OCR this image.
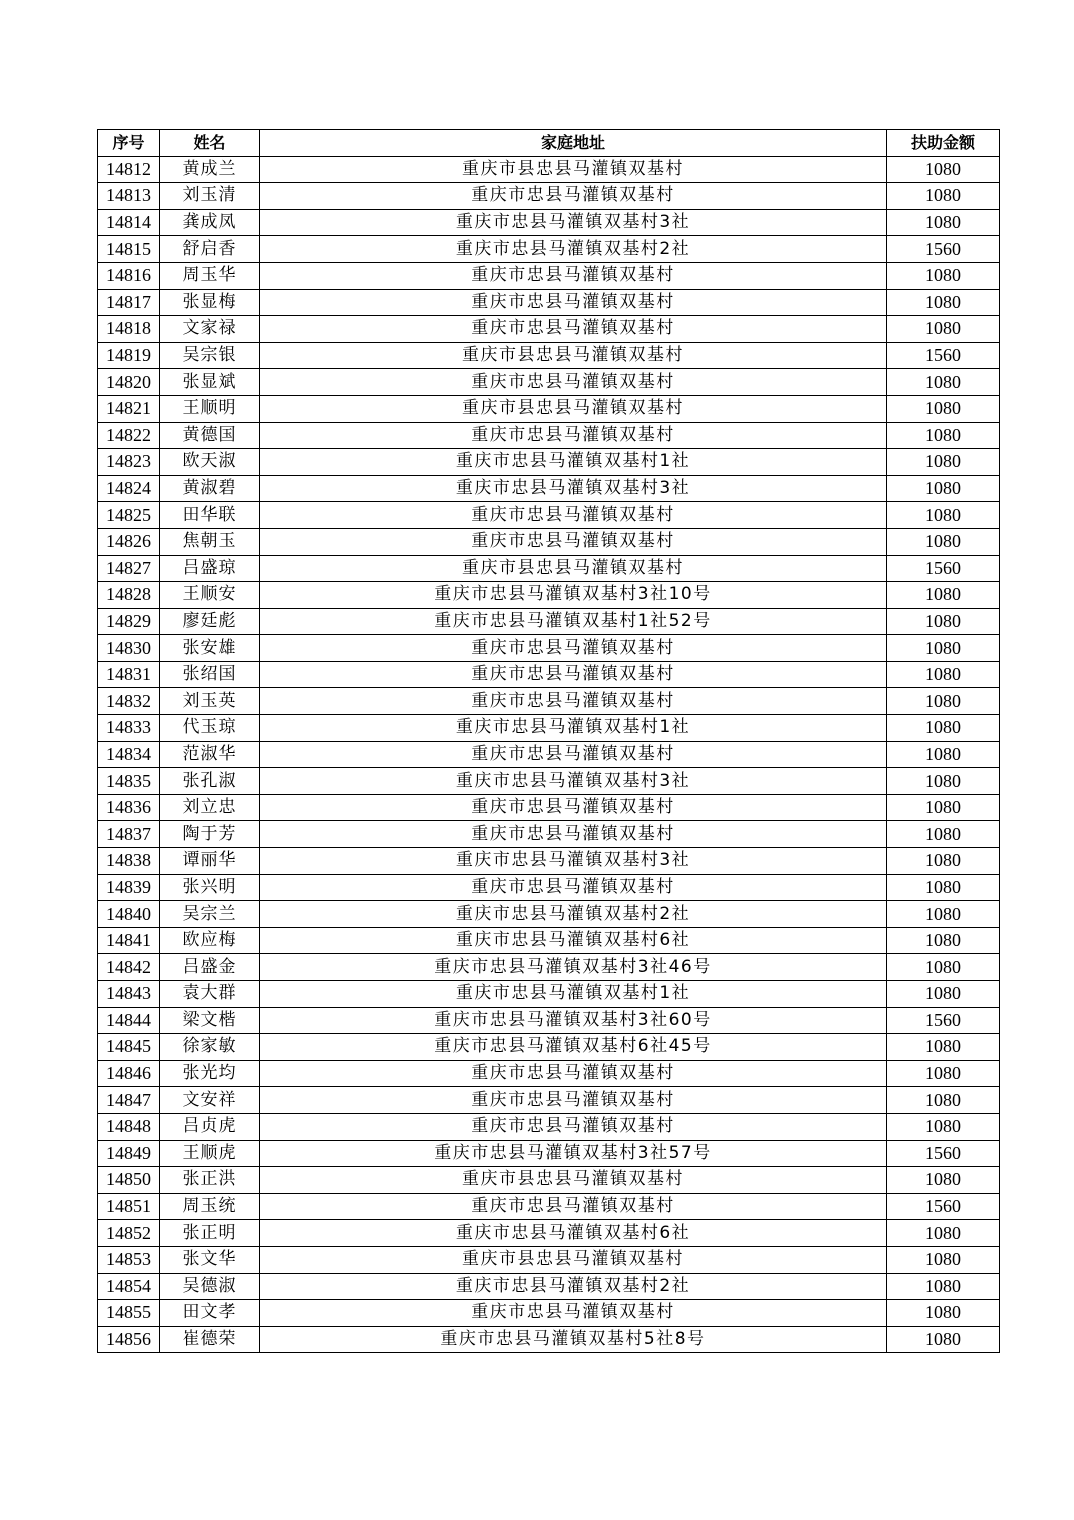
序号	姓名	家庭地址	扶助金额
14812	黄成兰	重庆市县忠县马灌镇双基村	1080
14813	刘玉清	重庆市忠县马灌镇双基村	1080
14814	龚成凤	重庆市忠县马灌镇双基村3社	1080
14815	舒启香	重庆市忠县马灌镇双基村2社	1560
14816	周玉华	重庆市忠县马灌镇双基村	1080
14817	张显梅	重庆市忠县马灌镇双基村	1080
14818	文家禄	重庆市忠县马灌镇双基村	1080
14819	吴宗银	重庆市县忠县马灌镇双基村	1560
14820	张显斌	重庆市忠县马灌镇双基村	1080
14821	王顺明	重庆市县忠县马灌镇双基村	1080
14822	黄德国	重庆市忠县马灌镇双基村	1080
14823	欧天淑	重庆市忠县马灌镇双基村1社	1080
14824	黄淑碧	重庆市忠县马灌镇双基村3社	1080
14825	田华联	重庆市忠县马灌镇双基村	1080
14826	焦朝玉	重庆市忠县马灌镇双基村	1080
14827	吕盛琼	重庆市县忠县马灌镇双基村	1560
14828	王顺安	重庆市忠县马灌镇双基村3社10号	1080
14829	廖廷彪	重庆市忠县马灌镇双基村1社52号	1080
14830	张安雄	重庆市忠县马灌镇双基村	1080
14831	张绍国	重庆市忠县马灌镇双基村	1080
14832	刘玉英	重庆市忠县马灌镇双基村	1080
14833	代玉琼	重庆市忠县马灌镇双基村1社	1080
14834	范淑华	重庆市忠县马灌镇双基村	1080
14835	张孔淑	重庆市忠县马灌镇双基村3社	1080
14836	刘立忠	重庆市忠县马灌镇双基村	1080
14837	陶于芳	重庆市忠县马灌镇双基村	1080
14838	谭丽华	重庆市忠县马灌镇双基村3社	1080
14839	张兴明	重庆市忠县马灌镇双基村	1080
14840	吴宗兰	重庆市忠县马灌镇双基村2社	1080
14841	欧应梅	重庆市忠县马灌镇双基村6社	1080
14842	吕盛金	重庆市忠县马灌镇双基村3社46号	1080
14843	袁大群	重庆市忠县马灌镇双基村1社	1080
14844	梁文楷	重庆市忠县马灌镇双基村3社60号	1560
14845	徐家敏	重庆市忠县马灌镇双基村6社45号	1080
14846	张光均	重庆市忠县马灌镇双基村	1080
14847	文安祥	重庆市忠县马灌镇双基村	1080
14848	吕贞虎	重庆市忠县马灌镇双基村	1080
14849	王顺虎	重庆市忠县马灌镇双基村3社57号	1560
14850	张正洪	重庆市县忠县马灌镇双基村	1080
14851	周玉统	重庆市忠县马灌镇双基村	1560
14852	张正明	重庆市忠县马灌镇双基村6社	1080
14853	张文华	重庆市县忠县马灌镇双基村	1080
14854	吴德淑	重庆市忠县马灌镇双基村2社	1080
14855	田文孝	重庆市忠县马灌镇双基村	1080
14856	崔德荣	重庆市忠县马灌镇双基村5社8号	1080
